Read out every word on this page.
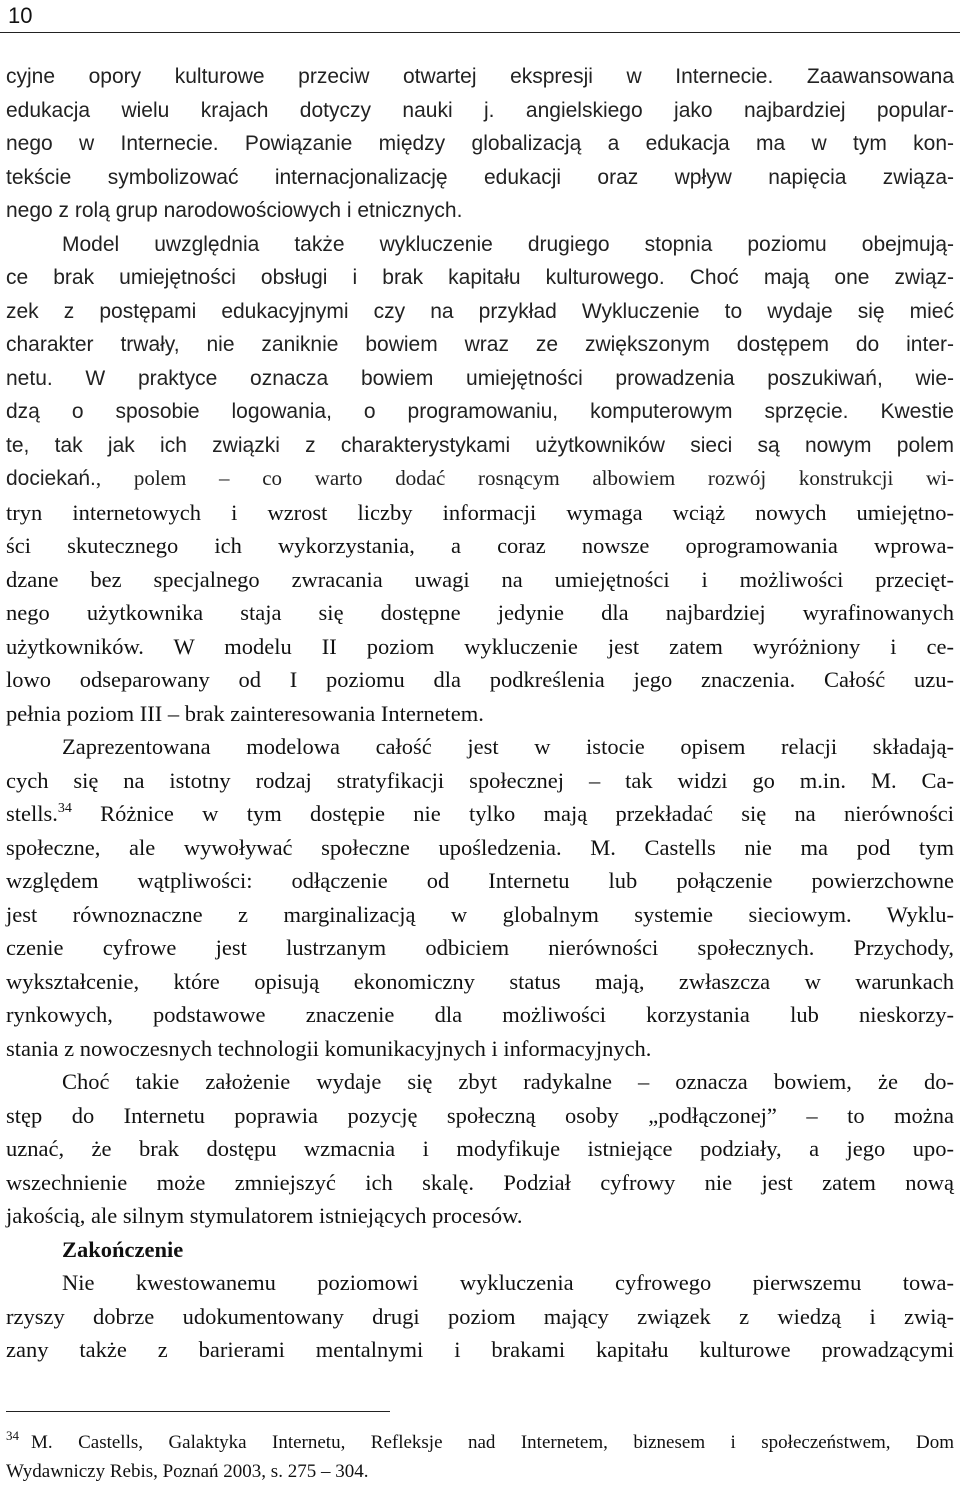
10
cyjne opory kulturowe przeciw otwartej ekspresji w Internecie. Zaawansowana
edukacja wielu krajach dotyczy nauki j. angielskiego jako najbardziej popular-
nego w Internecie. Powiązanie między globalizacją a edukacja ma w tym kon-
tekście symbolizować internacjonalizację edukacji oraz wpływ napięcia związa-
nego z rolą grup narodowościowych i etnicznych.
Model uwzględnia także wykluczenie drugiego stopnia poziomu obejmują-
ce brak umiejętności obsługi i brak kapitału kulturowego. Choć mają one związ-
zek z postępami edukacyjnymi czy na przykład Wykluczenie to wydaje się mieć
charakter trwały, nie zaniknie bowiem wraz ze zwiększonym dostępem do inter-
netu. W praktyce oznacza bowiem umiejętności prowadzenia poszukiwań, wie-
dzą o sposobie logowania, o programowaniu, komputerowym sprzęcie. Kwestie
te, tak jak ich związki z charakterystykami użytkowników sieci są nowym polem
dociekań., polem – co warto dodać rosnącym albowiem rozwój konstrukcji wi-
tryn internetowych i wzrost liczby informacji wymaga wciąż nowych umiejętno-
ści skutecznego ich wykorzystania, a coraz nowsze oprogramowania wprowa-
dzane bez specjalnego zwracania uwagi na umiejętności i możliwości przecięt-
nego użytkownika staja się dostępne jedynie dla najbardziej wyrafinowanych
użytkowników. W modelu II poziom wykluczenie jest zatem wyróżniony i ce-
lowo odseparowany od I poziomu dla podkreślenia jego znaczenia. Całość uzu-
pełnia poziom III – brak zainteresowania Internetem.
Zaprezentowana modelowa całość jest w istocie opisem relacji składają-
cych się na istotny rodzaj stratyfikacji społecznej – tak widzi go m.in. M. Ca-
stells.$^{34}$ Różnice w tym dostępie nie tylko mają przekładać się na nierówności
społeczne, ale wywoływać społeczne upośledzenia. M. Castells nie ma pod tym
względem wątpliwości: odłączenie od Internetu lub połączenie powierzchowne
jest równoznaczne z marginalizacją w globalnym systemie sieciowym. Wyklu-
czenie cyfrowe jest lustrzanym odbiciem nierówności społecznych. Przychody,
wykształcenie, które opisują ekonomiczny status mają, zwłaszcza w warunkach
rynkowych, podstawowe znaczenie dla możliwości korzystania lub nieskorzy-
stania z nowoczesnych technologii komunikacyjnych i informacyjnych.
Choć takie założenie wydaje się zbyt radykalne – oznacza bowiem, że do-
stęp do Internetu poprawia pozycję społeczną osoby „podłączonej” – to można
uznać, że brak dostępu wzmacnia i modyfikuje istniejące podziały, a jego upo-
wszechnienie może zmniejszyć ich skalę. Podział cyfrowy nie jest zatem nową
jakością, ale silnym stymulatorem istniejących procesów.
Zakończenie
Nie kwestowanemu poziomowi wykluczenia cyfrowego pierwszemu towa-
rzyszy dobrze udokumentowany drugi poziom mający związek z wiedzą i zwią-
zany także z barierami mentalnymi i brakami kapitału kulturowe prowadzącymi
$^{34}$ M. Castells, Galaktyka Internetu, Refleksje nad Internetem, biznesem i społeczeństwem, Dom
Wydawniczy Rebis, Poznań 2003, s. 275 – 304.
